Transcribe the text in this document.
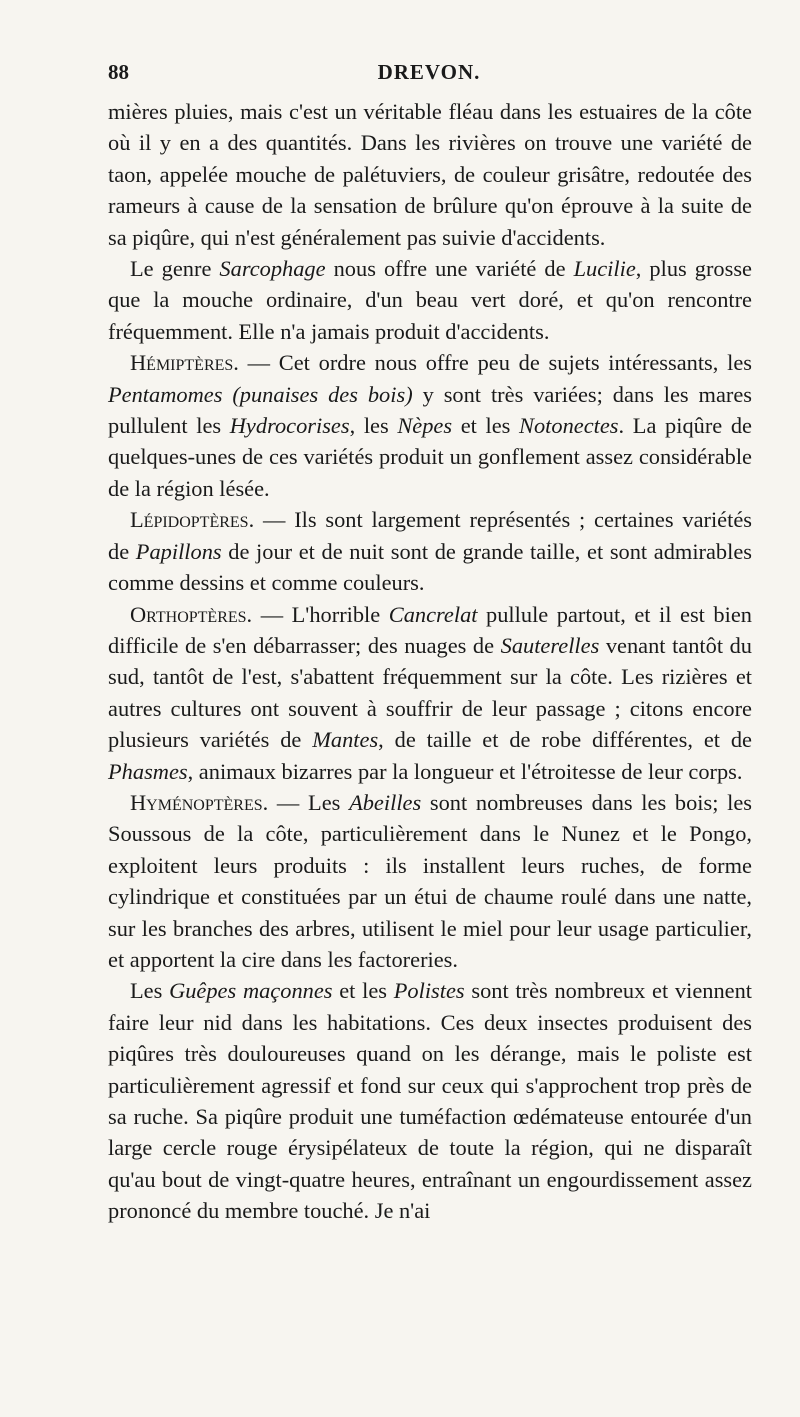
88	DREVON.

mières pluies, mais c'est un véritable fléau dans les estuaires de la côte où il y en a des quantités. Dans les rivières on trouve une variété de taon, appelée mouche de palétuviers, de couleur grisâtre, redoutée des rameurs à cause de la sensation de brûlure qu'on éprouve à la suite de sa piqûre, qui n'est généralement pas suivie d'accidents.

Le genre Sarcophage nous offre une variété de Lucilie, plus grosse que la mouche ordinaire, d'un beau vert doré, et qu'on rencontre fréquemment. Elle n'a jamais produit d'accidents.

Hémiptères. — Cet ordre nous offre peu de sujets intéressants, les Pentamomes (punaises des bois) y sont très variées; dans les mares pullulent les Hydrocorises, les Nèpes et les Notonectes. La piqûre de quelques-unes de ces variétés produit un gonflement assez considérable de la région lésée.

Lépidoptères. — Ils sont largement représentés ; certaines variétés de Papillons de jour et de nuit sont de grande taille, et sont admirables comme dessins et comme couleurs.

Orthoptères. — L'horrible Cancrelat pullule partout, et il est bien difficile de s'en débarrasser; des nuages de Sauterelles venant tantôt du sud, tantôt de l'est, s'abattent fréquemment sur la côte. Les rizières et autres cultures ont souvent à souffrir de leur passage ; citons encore plusieurs variétés de Mantes, de taille et de robe différentes, et de Phasmes, animaux bizarres par la longueur et l'étroitesse de leur corps.

Hyménoptères. — Les Abeilles sont nombreuses dans les bois; les Soussous de la côte, particulièrement dans le Nunez et le Pongo, exploitent leurs produits : ils installent leurs ruches, de forme cylindrique et constituées par un étui de chaume roulé dans une natte, sur les branches des arbres, utilisent le miel pour leur usage particulier, et apportent la cire dans les factoreries.

Les Guêpes maçonnes et les Polistes sont très nombreux et viennent faire leur nid dans les habitations. Ces deux insectes produisent des piqûres très douloureuses quand on les dérange, mais le poliste est particulièrement agressif et fond sur ceux qui s'approchent trop près de sa ruche. Sa piqûre produit une tuméfaction œdémateuse entourée d'un large cercle rouge érysipélateux de toute la région, qui ne disparaît qu'au bout de vingt-quatre heures, entraînant un engourdissement assez prononcé du membre touché. Je n'ai
